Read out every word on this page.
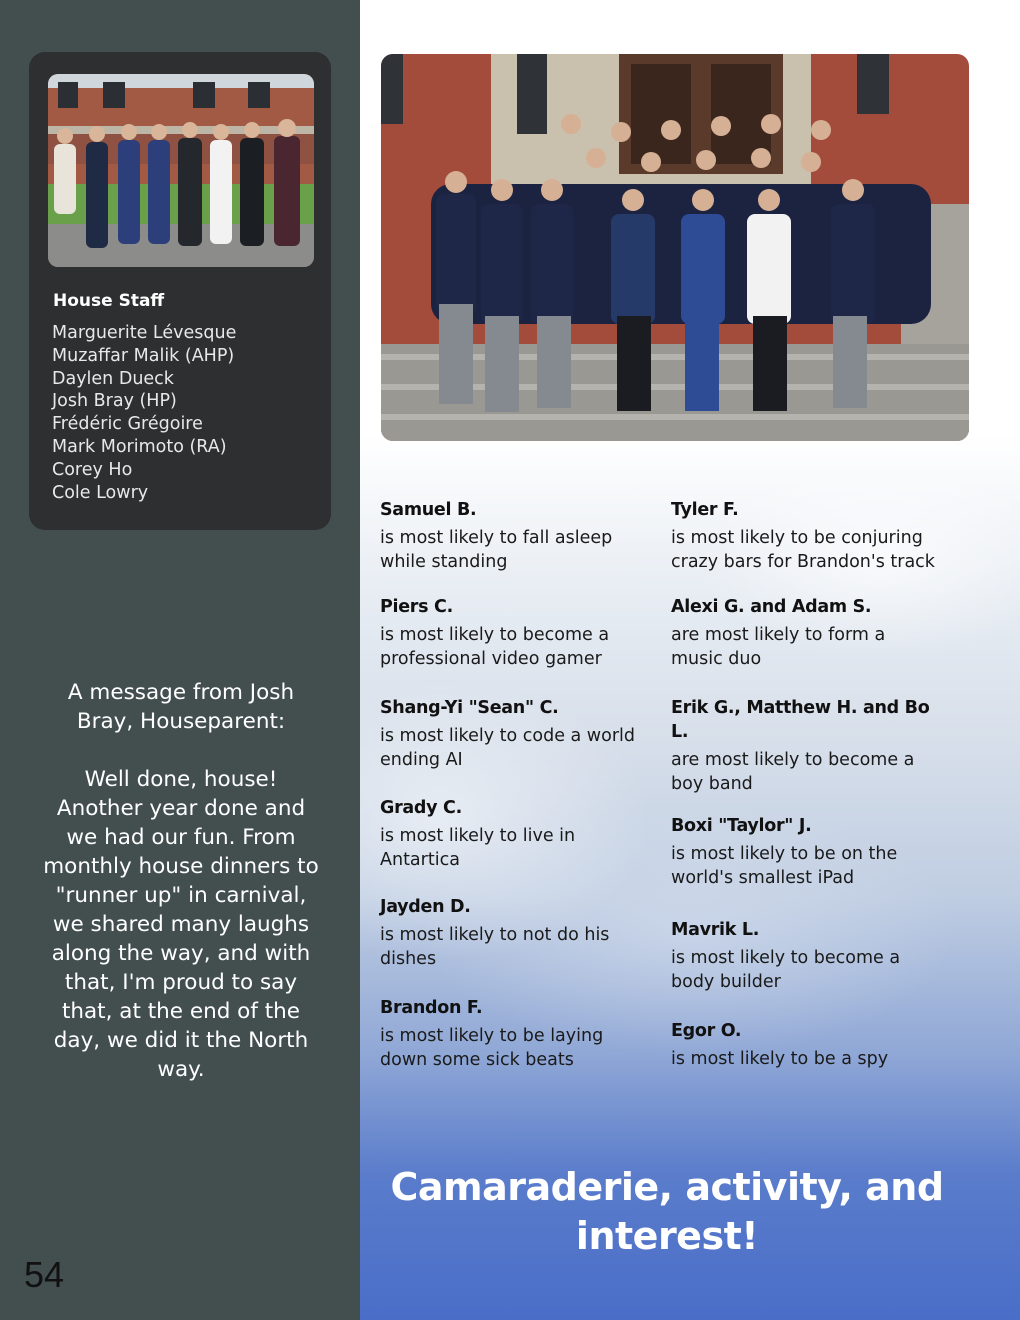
House Staff
Marguerite Lévesque
Muzaffar Malik (AHP)
Daylen Dueck
Josh Bray (HP)
Frédéric Grégoire
Mark Morimoto (RA)
Corey Ho
Cole Lowry

A message from Josh Bray, Houseparent:

Well done, house! Another year done and we had our fun. From monthly house dinners to "runner up" in carnival, we shared many laughs along the way, and with that, I'm proud to say that, at the end of the day, we did it the North way.

54
Samuel B.
is most likely to fall asleep while standing
Piers C.
is most likely to become a professional video gamer
Shang-Yi "Sean" C.
is most likely to code a world ending AI
Grady C.
is most likely to live in Antartica
Jayden D.
is most likely to not do his dishes
Brandon F.
is most likely to be laying down some sick beats
Tyler F.
is most likely to be conjuring crazy bars for Brandon's track
Alexi G. and Adam S.
are most likely to form a music duo
Erik G., Matthew H. and Bo L.
are most likely to become a boy band
Boxi "Taylor" J.
is most likely to be on the world's smallest iPad
Mavrik L.
is most likely to become a body builder
Egor O.
is most likely to be a spy
Camaraderie, activity, and interest!
